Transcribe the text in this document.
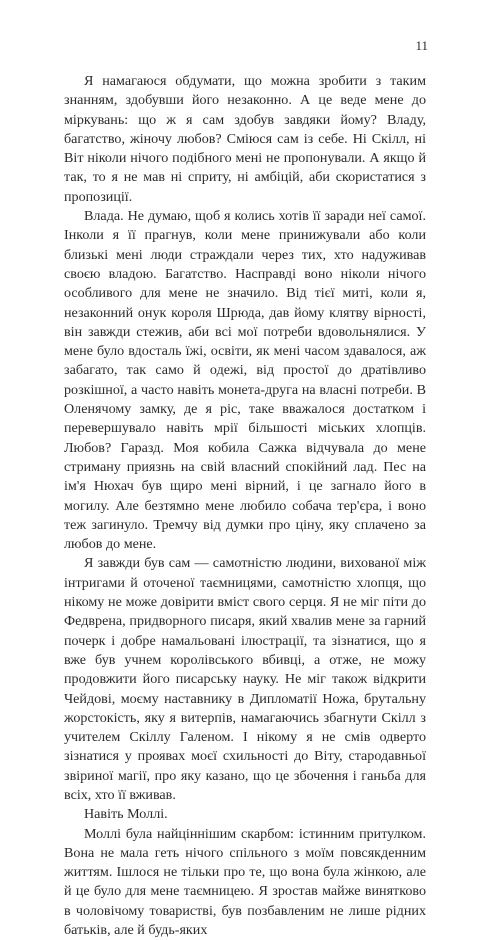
11

Я намагаюся обдумати, що можна зробити з таким знанням, здобувши його незаконно. А це веде мене до міркувань: що ж я сам здобув завдяки йому? Владу, багатство, жіночу любов? Сміюся сам із себе. Ні Скілл, ні Віт ніколи нічого подібного мені не пропонували. А якщо й так, то я не мав ні сприту, ні амбіцій, аби скористатися з пропозиції.

Влада. Не думаю, щоб я колись хотів її заради неї самої. Інколи я її прагнув, коли мене принижували або коли близькі мені люди страждали через тих, хто надуживав своєю владою. Багатство. Насправді воно ніколи нічого особливого для мене не значило. Від тієї миті, коли я, незаконний онук короля Шрюда, дав йому клятву вірності, він завжди стежив, аби всі мої потреби вдовольнялися. У мене було вдосталь їжі, освіти, як мені часом здавалося, аж забагато, так само й одежі, від простої до дратівливо розкішної, а часто навіть монета-друга на власні потреби. В Оленячому замку, де я ріс, таке вважалося достатком і перевершувало навіть мрії більшості міських хлопців. Любов? Гаразд. Моя кобила Сажка відчувала до мене стриману приязнь на свій власний спокійний лад. Пес на ім'я Нюхач був щиро мені вірний, і це загнало його в могилу. Але безтямно мене любило собача тер'єра, і воно теж загинуло. Тремчу від думки про ціну, яку сплачено за любов до мене.

Я завжди був сам — самотністю людини, вихованої між інтригами й оточеної таємницями, самотністю хлопця, що нікому не може довірити вміст свого серця. Я не міг піти до Федврена, придворного писаря, який хвалив мене за гарний почерк і добре намальовані ілюстрації, та зізнатися, що я вже був учнем королівського вбивці, а отже, не можу продовжити його писарську науку. Не міг також відкрити Чейдові, моєму наставнику в Дипломатії Ножа, брутальну жорстокість, яку я витерпів, намагаючись збагнути Скілл з учителем Скіллу Галеном. І нікому я не смів одверто зізнатися у проявах моєї схильності до Віту, стародавньої звіриної магії, про яку казано, що це збочення і ганьба для всіх, хто її вживав.

Навіть Моллі.

Моллі була найціннішим скарбом: істинним притулком. Вона не мала геть нічого спільного з моїм повсякденним життям. Ішлося не тільки про те, що вона була жінкою, але й це було для мене таємницею. Я зростав майже винятково в чоловічому товаристві, був позбавленим не лише рідних батьків, але й будь-яких
